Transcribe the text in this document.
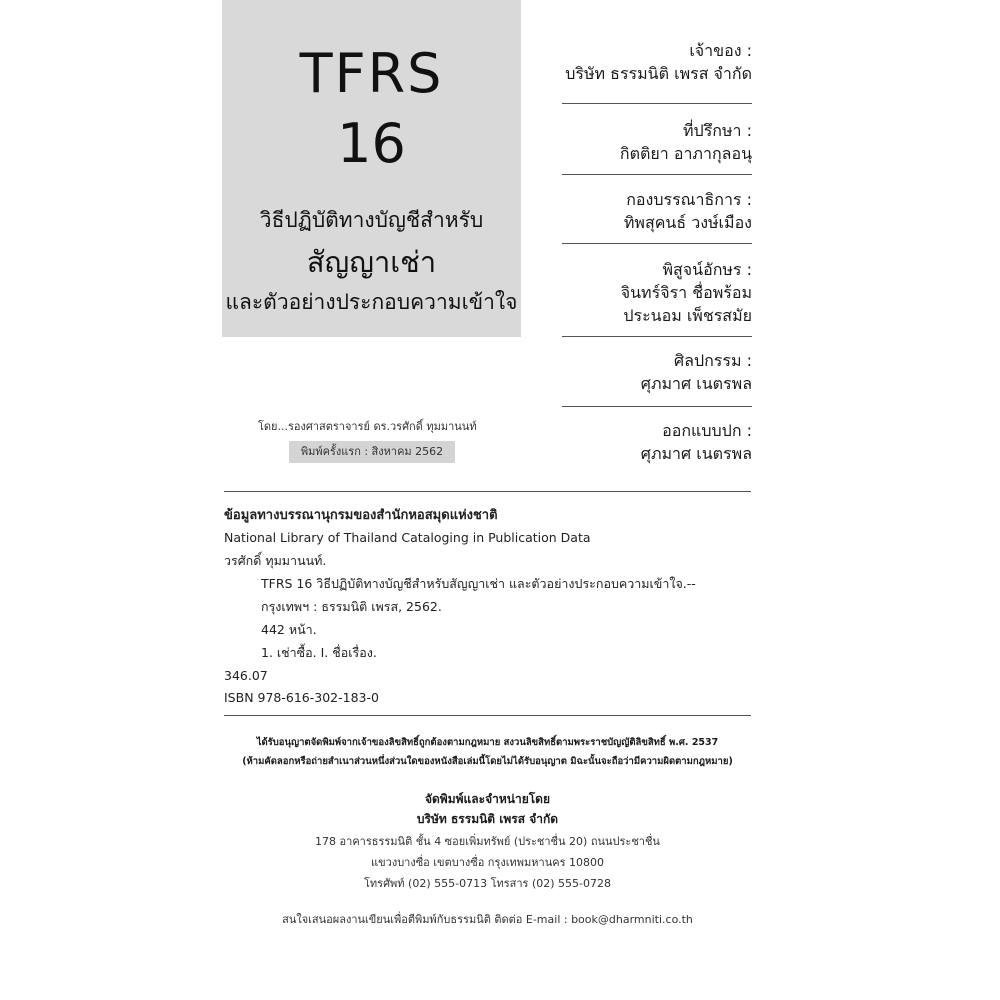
TFRS
16
วิธีปฏิบัติทางบัญชีสำหรับ
สัญญาเช่า
และตัวอย่างประกอบความเข้าใจ
เจ้าของ :
บริษัท ธรรมนิติ เพรส จำกัด
ที่ปรึกษา :
กิตติยา อาภากุลอนุ
กองบรรณาธิการ :
ทิพสุคนธ์ วงษ์เมือง
พิสูจน์อักษร :
จินทร์จิรา ชื่อพร้อม
ประนอม เพ็ชรสมัย
ศิลปกรรม :
ศุภมาศ เนตรพล
ออกแบบปก :
ศุภมาศ เนตรพล
โดย...รองศาสตราจารย์ ดร.วรศักดิ์ ทุมมานนท์
พิมพ์ครั้งแรก : สิงหาคม 2562
ข้อมูลทางบรรณานุกรมของสำนักหอสมุดแห่งชาติ
National Library of Thailand Cataloging in Publication Data
วรศักดิ์ ทุมมานนท์.
TFRS 16 วิธีปฏิบัติทางบัญชีสำหรับสัญญาเช่า และตัวอย่างประกอบความเข้าใจ.--
กรุงเทพฯ : ธรรมนิติ เพรส, 2562.
442 หน้า.
1. เช่าซื้อ. I. ชื่อเรื่อง.
346.07
ISBN 978-616-302-183-0
ได้รับอนุญาตจัดพิมพ์จากเจ้าของลิขสิทธิ์ถูกต้องตามกฎหมาย สงวนลิขสิทธิ์ตามพระราชบัญญัติลิขสิทธิ์ พ.ศ. 2537
(ห้ามคัดลอกหรือถ่ายสำเนาส่วนหนึ่งส่วนใดของหนังสือเล่มนี้โดยไม่ได้รับอนุญาต มิฉะนั้นจะถือว่ามีความผิดตามกฎหมาย)
จัดพิมพ์และจำหน่ายโดย
บริษัท ธรรมนิติ เพรส จำกัด
178 อาคารธรรมนิติ ชั้น 4 ซอยเพิ่มทรัพย์ (ประชาชื่น 20) ถนนประชาชื่น
แขวงบางซื่อ เขตบางซื่อ กรุงเทพมหานคร 10800
โทรศัพท์ (02) 555-0713 โทรสาร (02) 555-0728
สนใจเสนอผลงานเขียนเพื่อตีพิมพ์กับธรรมนิติ ติดต่อ E-mail : book@dharmniti.co.th
